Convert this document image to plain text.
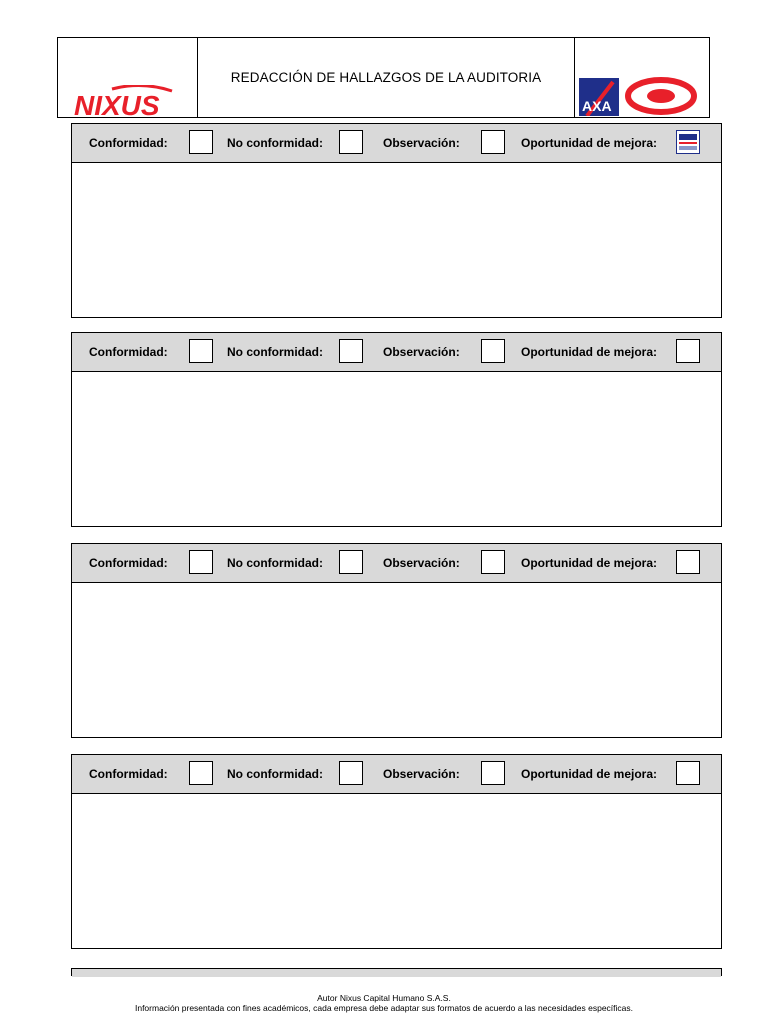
NIXUS
REDACCIÓN DE HALLAZGOS DE LA AUDITORIA
AXA
Conformidad:	No conformidad:	Observación:	Oportunidad de mejora:
Conformidad:	No conformidad:	Observación:	Oportunidad de mejora:
Conformidad:	No conformidad:	Observación:	Oportunidad de mejora:
Conformidad:	No conformidad:	Observación:	Oportunidad de mejora:
Autor Nixus Capital Humano S.A.S.
Información presentada con fines académicos, cada empresa debe adaptar sus formatos de acuerdo a las necesidades específicas.
